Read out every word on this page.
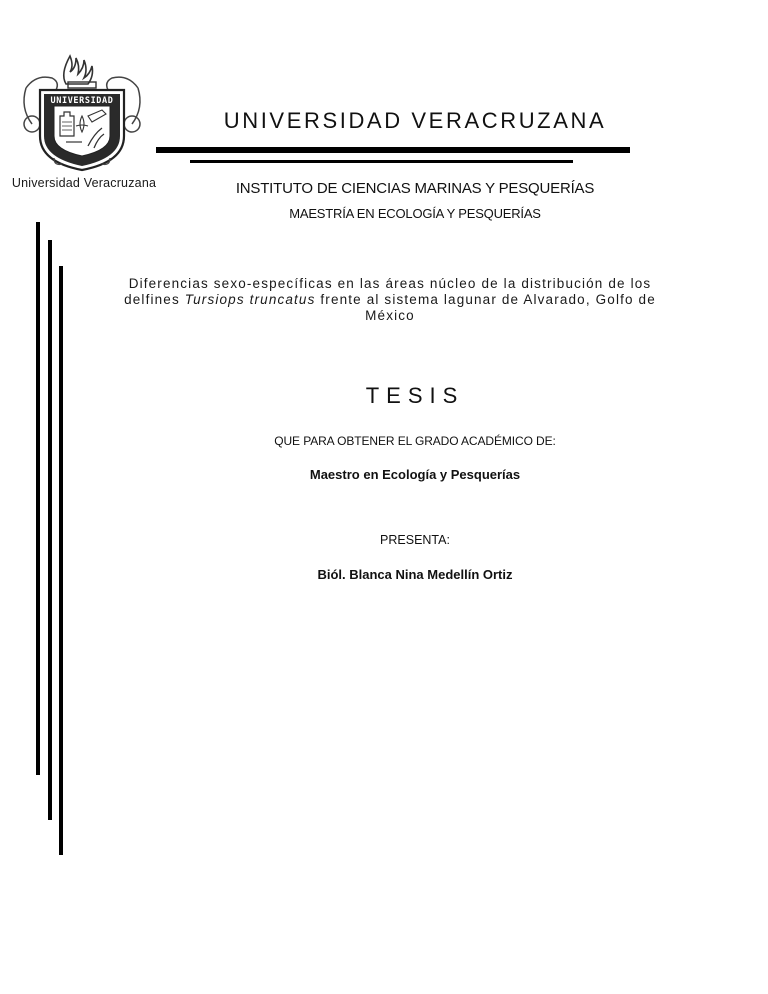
UNIVERSIDAD
Universidad Veracruzana
UNIVERSIDAD VERACRUZANA
INSTITUTO DE CIENCIAS MARINAS Y PESQUERÍAS
MAESTRÍA EN ECOLOGÍA Y PESQUERÍAS
Diferencias sexo-específicas en las áreas núcleo de la distribución de los delfines Tursiops truncatus frente al sistema lagunar de Alvarado, Golfo de México
TESIS
QUE PARA OBTENER EL GRADO ACADÉMICO DE:
Maestro en Ecología y Pesquerías
PRESENTA:
Biól. Blanca Nina Medellín Ortiz
